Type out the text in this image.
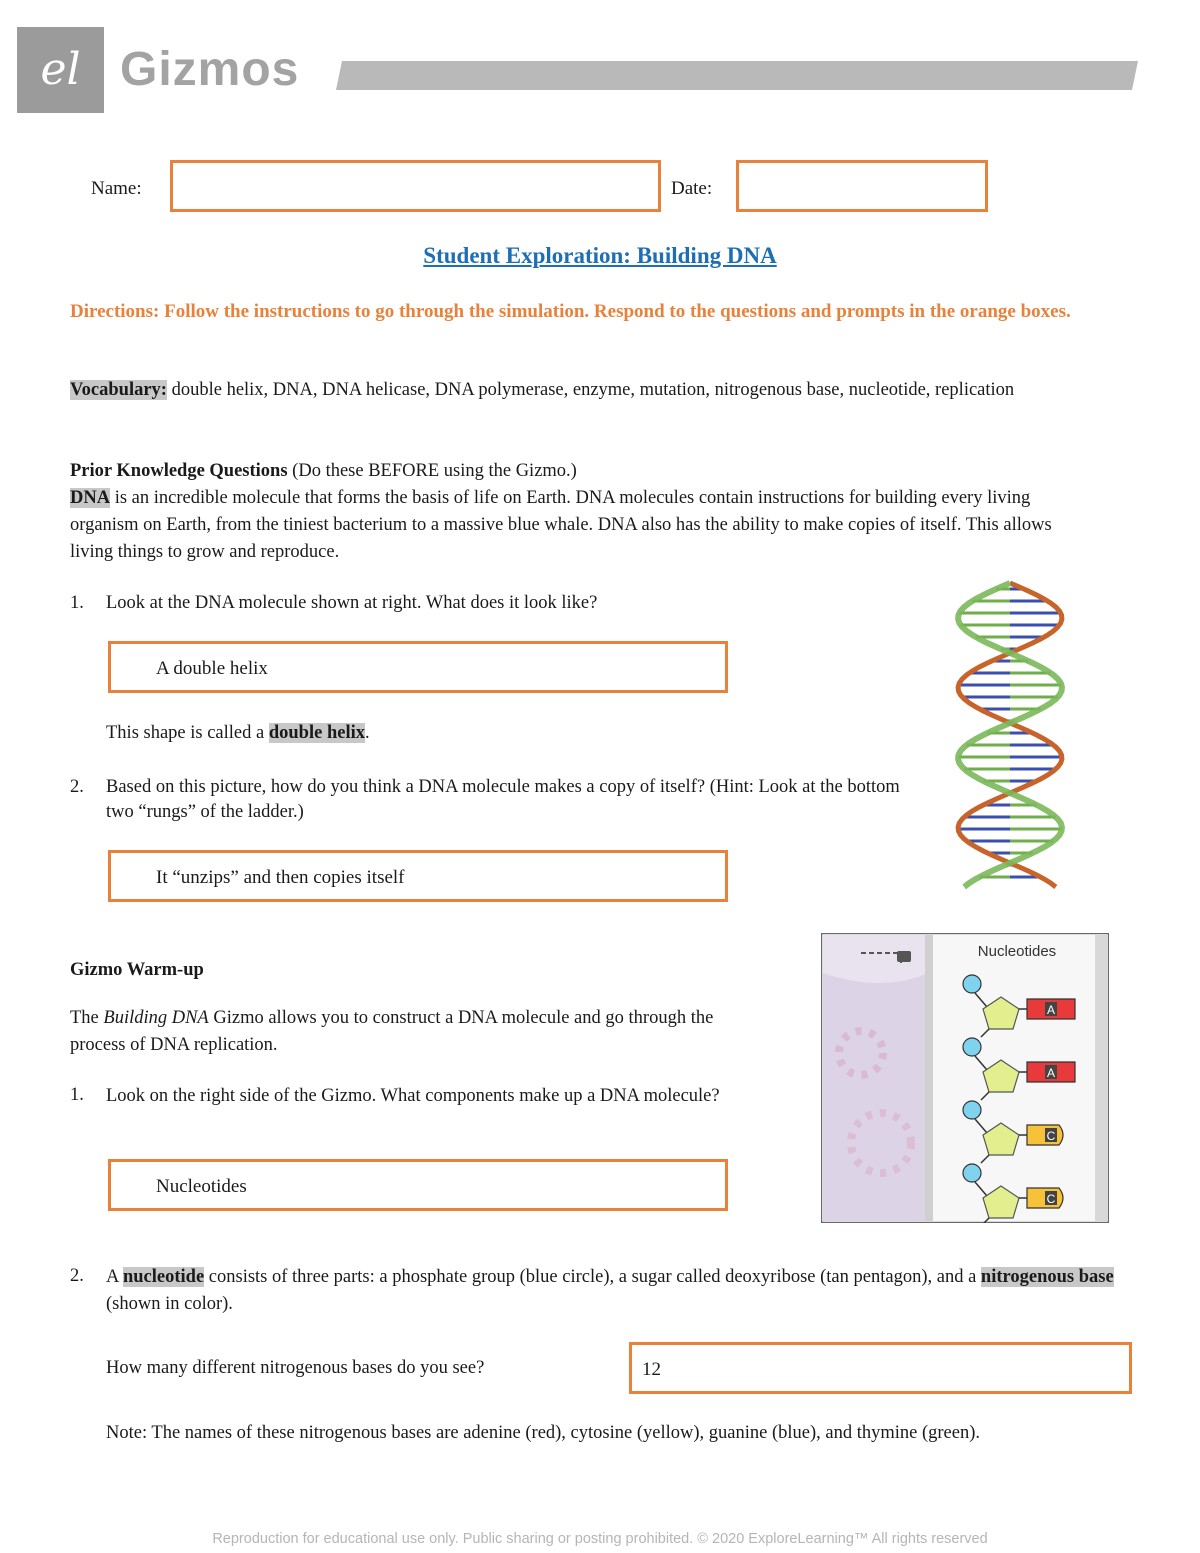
el Gizmos
Name:	Date:
Student Exploration: Building DNA
Directions: Follow the instructions to go through the simulation. Respond to the questions and prompts in the orange boxes.
Vocabulary: double helix, DNA, DNA helicase, DNA polymerase, enzyme, mutation, nitrogenous base, nucleotide, replication
Prior Knowledge Questions (Do these BEFORE using the Gizmo.)
DNA is an incredible molecule that forms the basis of life on Earth. DNA molecules contain instructions for building every living organism on Earth, from the tiniest bacterium to a massive blue whale. DNA also has the ability to make copies of itself. This allows living things to grow and reproduce.
1. Look at the DNA molecule shown at right. What does it look like?
A double helix
This shape is called a double helix.
2. Based on this picture, how do you think a DNA molecule makes a copy of itself? (Hint: Look at the bottom two “rungs” of the ladder.)
It “unzips” and then copies itself
Gizmo Warm-up
The Building DNA Gizmo allows you to construct a DNA molecule and go through the process of DNA replication.
1. Look on the right side of the Gizmo. What components make up a DNA molecule?
Nucleotides
Nucleotides
A
A
C
C
2. A nucleotide consists of three parts: a phosphate group (blue circle), a sugar called deoxyribose (tan pentagon), and a nitrogenous base (shown in color).
How many different nitrogenous bases do you see?	12
Note: The names of these nitrogenous bases are adenine (red), cytosine (yellow), guanine (blue), and thymine (green).
Reproduction for educational use only. Public sharing or posting prohibited. © 2020 ExploreLearning™ All rights reserved
